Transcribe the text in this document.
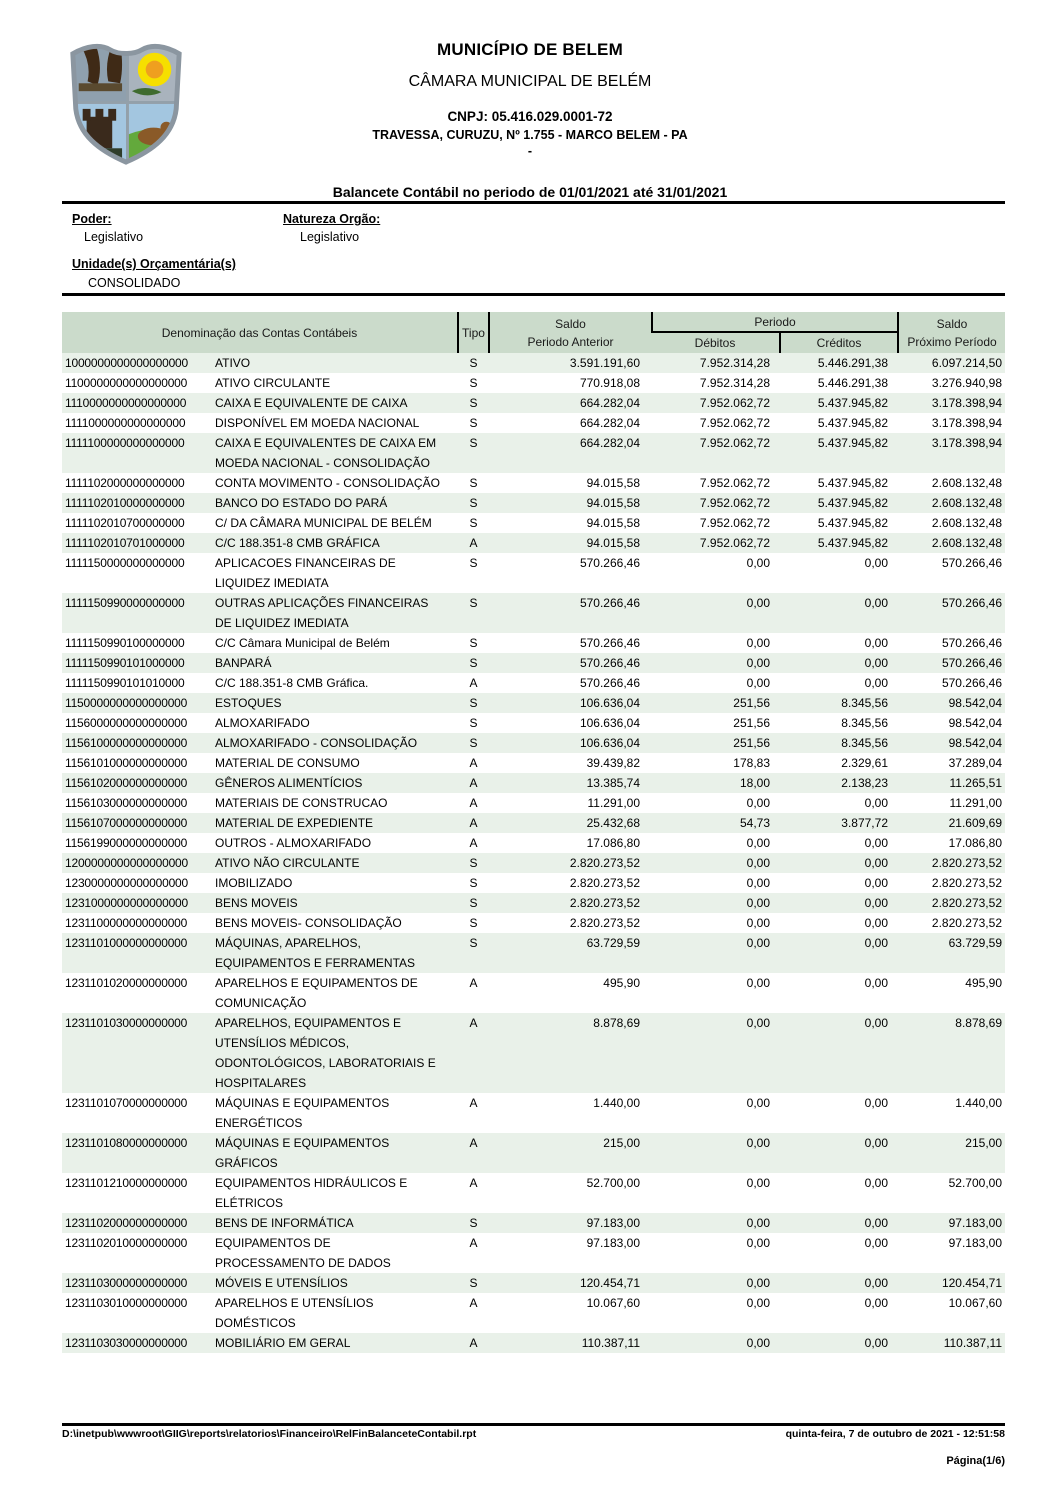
MUNICÍPIO DE BELEM
CÂMARA MUNICIPAL DE BELÉM
CNPJ: 05.416.029.0001-72
TRAVESSA, CURUZU, Nº 1.755 - MARCO BELEM - PA
-
Balancete Contábil no periodo de 01/01/2021 até 31/01/2021
Poder:
Legislativo
Natureza Orgão:
Legislativo
Unidade(s) Orçamentária(s)
CONSOLIDADO
Denominação das Contas Contábeis	Tipo
Saldo
Periodo Anterior
Periodo
Débitos	Créditos
Saldo
Próximo Período
1000000000000000000	ATIVO	S	3.591.191,60	7.952.314,28	5.446.291,38	6.097.214,50
1100000000000000000	ATIVO CIRCULANTE	S	770.918,08	7.952.314,28	5.446.291,38	3.276.940,98
1110000000000000000	CAIXA E EQUIVALENTE DE CAIXA	S	664.282,04	7.952.062,72	5.437.945,82	3.178.398,94
1111000000000000000	DISPONÍVEL EM MOEDA NACIONAL	S	664.282,04	7.952.062,72	5.437.945,82	3.178.398,94
1111100000000000000	CAIXA E EQUIVALENTES DE CAIXA EM MOEDA NACIONAL - CONSOLIDAÇÃO
S	664.282,04	7.952.062,72	5.437.945,82	3.178.398,94
1111102000000000000	CONTA MOVIMENTO - CONSOLIDAÇÃO	S	94.015,58	7.952.062,72	5.437.945,82	2.608.132,48
1111102010000000000	BANCO DO ESTADO DO PARÁ	S	94.015,58	7.952.062,72	5.437.945,82	2.608.132,48
1111102010700000000	C/ DA CÂMARA MUNICIPAL DE BELÉM	S	94.015,58	7.952.062,72	5.437.945,82	2.608.132,48
1111102010701000000	C/C 188.351-8 CMB GRÁFICA	A	94.015,58	7.952.062,72	5.437.945,82	2.608.132,48
1111150000000000000	APLICACOES FINANCEIRAS DE LIQUIDEZ IMEDIATA
S	570.266,46	0,00	0,00	570.266,46
1111150990000000000	OUTRAS APLICAÇÕES FINANCEIRAS DE LIQUIDEZ IMEDIATA
S	570.266,46	0,00	0,00	570.266,46
1111150990100000000	C/C Câmara Municipal de Belém	S	570.266,46	0,00	0,00	570.266,46
1111150990101000000	BANPARÁ	S	570.266,46	0,00	0,00	570.266,46
1111150990101010000	C/C 188.351-8 CMB Gráfica.	A	570.266,46	0,00	0,00	570.266,46
1150000000000000000	ESTOQUES	S	106.636,04	251,56	8.345,56	98.542,04
1156000000000000000	ALMOXARIFADO	S	106.636,04	251,56	8.345,56	98.542,04
1156100000000000000	ALMOXARIFADO - CONSOLIDAÇÃO	S	106.636,04	251,56	8.345,56	98.542,04
1156101000000000000	MATERIAL DE CONSUMO	A	39.439,82	178,83	2.329,61	37.289,04
1156102000000000000	GÊNEROS ALIMENTÍCIOS	A	13.385,74	18,00	2.138,23	11.265,51
1156103000000000000	MATERIAIS DE CONSTRUCAO	A	11.291,00	0,00	0,00	11.291,00
1156107000000000000	MATERIAL DE EXPEDIENTE	A	25.432,68	54,73	3.877,72	21.609,69
1156199000000000000	OUTROS - ALMOXARIFADO	A	17.086,80	0,00	0,00	17.086,80
1200000000000000000	ATIVO NÃO CIRCULANTE	S	2.820.273,52	0,00	0,00	2.820.273,52
1230000000000000000	IMOBILIZADO	S	2.820.273,52	0,00	0,00	2.820.273,52
1231000000000000000	BENS MOVEIS	S	2.820.273,52	0,00	0,00	2.820.273,52
1231100000000000000	BENS MOVEIS- CONSOLIDAÇÃO	S	2.820.273,52	0,00	0,00	2.820.273,52
1231101000000000000	MÁQUINAS, APARELHOS, EQUIPAMENTOS E FERRAMENTAS
S	63.729,59	0,00	0,00	63.729,59
1231101020000000000	APARELHOS E EQUIPAMENTOS DE COMUNICAÇÃO
A	495,90	0,00	0,00	495,90
1231101030000000000	APARELHOS, EQUIPAMENTOS E UTENSÍLIOS MÉDICOS, ODONTOLÓGICOS, LABORATORIAIS E HOSPITALARES
A	8.878,69	0,00	0,00	8.878,69
1231101070000000000	MÁQUINAS E EQUIPAMENTOS ENERGÉTICOS
A	1.440,00	0,00	0,00	1.440,00
1231101080000000000	MÁQUINAS E EQUIPAMENTOS GRÁFICOS
A	215,00	0,00	0,00	215,00
1231101210000000000	EQUIPAMENTOS HIDRÁULICOS E ELÉTRICOS
A	52.700,00	0,00	0,00	52.700,00
1231102000000000000	BENS DE INFORMÁTICA	S	97.183,00	0,00	0,00	97.183,00
1231102010000000000	EQUIPAMENTOS DE PROCESSAMENTO DE DADOS
A	97.183,00	0,00	0,00	97.183,00
1231103000000000000	MÓVEIS E UTENSÍLIOS	S	120.454,71	0,00	0,00	120.454,71
1231103010000000000	APARELHOS E UTENSÍLIOS DOMÉSTICOS
A	10.067,60	0,00	0,00	10.067,60
1231103030000000000	MOBILIÁRIO EM GERAL	A	110.387,11	0,00	0,00	110.387,11
D:\inetpub\wwwroot\GIIG\reports\relatorios\Financeiro\RelFinBalanceteContabil.rpt	quinta-feira, 7 de outubro de 2021 - 12:51:58
Página(1/6)
